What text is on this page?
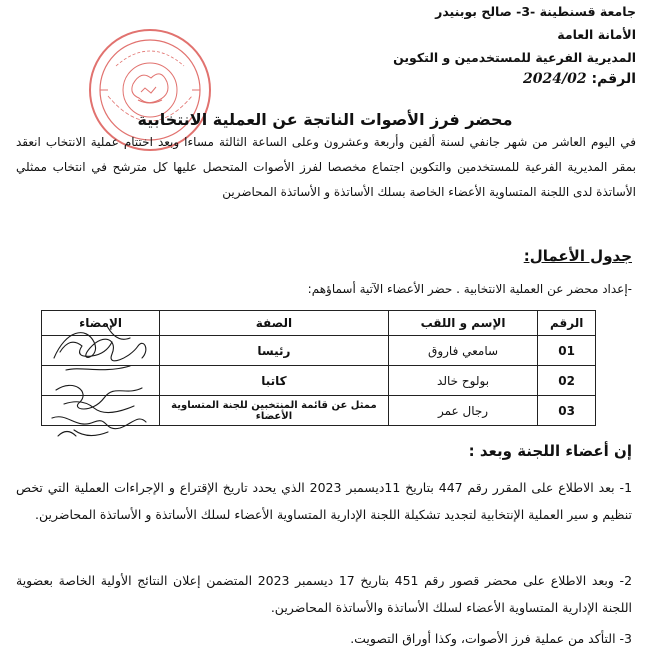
جامعة قسنطينة -3- صالح بوبنيدر
الأمانة العامة
المديرية الفرعية للمستخدمين و التكوين
الرقم: 2024/02
محضر فرز الأصوات الناتجة عن العملية الانتخابية
في اليوم العاشر من شهر جانفي لسنة ألفين وأربعة وعشرون وعلى الساعة الثالثة مساءا وبعد اختتام عملية الانتخاب انعقد بمقر المديرية الفرعية للمستخدمين والتكوين اجتماع مخصصا لفرز الأصوات المتحصل عليها كل مترشح في انتخاب ممثلي الأساتذة لدى اللجنة المتساوية الأعضاء الخاصة بسلك الأساتذة و الأساتذة المحاضرين
جدول الأعمال:
-إعداد محضر عن العملية الانتخابية . حضر الأعضاء الآتية أسماؤهم:
الرقم	الإسم و اللقب	الصفة	الإمضاء
01	سامعي فاروق	رئيسا	
02	بولوح خالد	كاتبا	
03	رجال عمر	ممثل عن قائمة المنتخبين للجنة المتساوية الأعضاء	
إن أعضاء اللجنة وبعد :
1- بعد الاطلاع على المقرر رقم 447 بتاريخ 11ديسمبر 2023 الذي يحدد تاريخ الإقتراع و الإجراءات العملية التي تخص تنظيم و سير العملية الإنتخابية لتجديد تشكيلة اللجنة الإدارية المتساوية الأعضاء لسلك الأساتذة و الأساتذة المحاضرين.
2- وبعد الاطلاع على محضر قصور رقم 451 بتاريخ 17 ديسمبر 2023 المتضمن إعلان النتائج الأولية الخاصة بعضوية اللجنة الإدارية المتساوية الأعضاء لسلك الأساتذة والأساتذة المحاضرين.
3- التأكد من عملية فرز الأصوات، وكذا أوراق التصويت.
